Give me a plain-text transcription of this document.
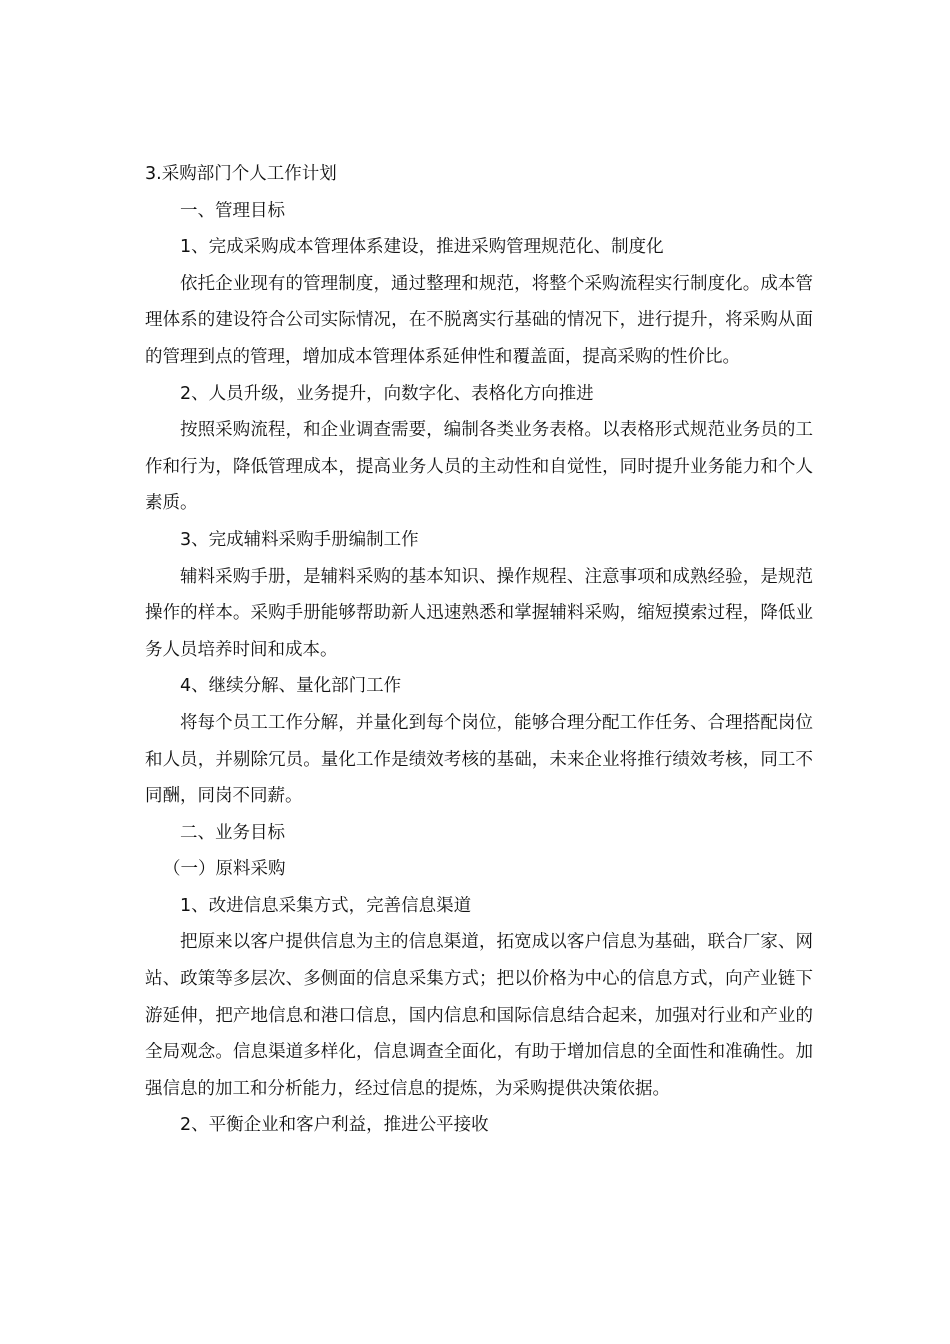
3.采购部门个人工作计划

一、管理目标

1、完成采购成本管理体系建设，推进采购管理规范化、制度化

依托企业现有的管理制度，通过整理和规范，将整个采购流程实行制度化。成本管理体系的建设符合公司实际情况，在不脱离实行基础的情况下，进行提升，将采购从面的管理到点的管理，增加成本管理体系延伸性和覆盖面，提高采购的性价比。

2、人员升级，业务提升，向数字化、表格化方向推进

按照采购流程，和企业调查需要，编制各类业务表格。以表格形式规范业务员的工作和行为，降低管理成本，提高业务人员的主动性和自觉性，同时提升业务能力和个人素质。

3、完成辅料采购手册编制工作

辅料采购手册，是辅料采购的基本知识、操作规程、注意事项和成熟经验，是规范操作的样本。采购手册能够帮助新人迅速熟悉和掌握辅料采购，缩短摸索过程，降低业务人员培养时间和成本。

4、继续分解、量化部门工作

将每个员工工作分解，并量化到每个岗位，能够合理分配工作任务、合理搭配岗位和人员，并剔除冗员。量化工作是绩效考核的基础，未来企业将推行绩效考核，同工不同酬，同岗不同薪。

二、业务目标

（一）原料采购

1、改进信息采集方式，完善信息渠道

把原来以客户提供信息为主的信息渠道，拓宽成以客户信息为基础，联合厂家、网站、政策等多层次、多侧面的信息采集方式；把以价格为中心的信息方式，向产业链下游延伸，把产地信息和港口信息，国内信息和国际信息结合起来，加强对行业和产业的全局观念。信息渠道多样化，信息调查全面化，有助于增加信息的全面性和准确性。加强信息的加工和分析能力，经过信息的提炼，为采购提供决策依据。

2、平衡企业和客户利益，推进公平接收
